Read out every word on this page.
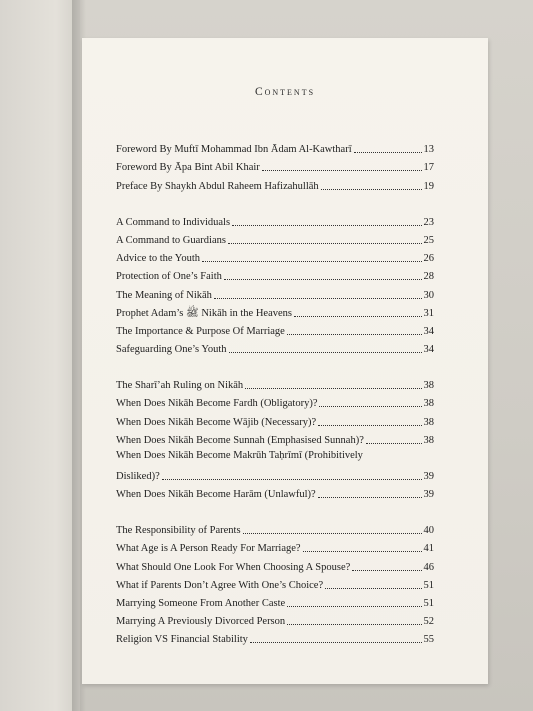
Contents
Foreword By Muftī Mohammad Ibn Ādam Al-Kawtharī	13
Foreword By Āpa Bint Abil Khair	17
Preface By Shaykh Abdul Raheem Hafizahullāh	19
A Command to Individuals	23
A Command to Guardians	25
Advice to the Youth	26
Protection of One’s Faith	28
The Meaning of Nikāh	30
Prophet Adam’s ﷺ Nikāh in the Heavens	31
The Importance & Purpose Of Marriage	34
Safeguarding One’s Youth	34
The Sharī’ah Ruling on Nikāh	38
When Does Nikāh Become Fardh (Obligatory)?	38
When Does Nikāh Become Wājib (Necessary)?	38
When Does Nikāh Become Sunnah (Emphasised Sunnah)?	38
When Does Nikāh Become Makrūh Taḥrīmī (Prohibitively
Disliked)?	39
When Does Nikāh Become Harām (Unlawful)?	39
The Responsibility of Parents	40
What Age is A Person Ready For Marriage?	41
What Should One Look For When Choosing A Spouse?	46
What if Parents Don’t Agree With One’s Choice?	51
Marrying Someone From Another Caste	51
Marrying A Previously Divorced Person	52
Religion VS Financial Stability	55
